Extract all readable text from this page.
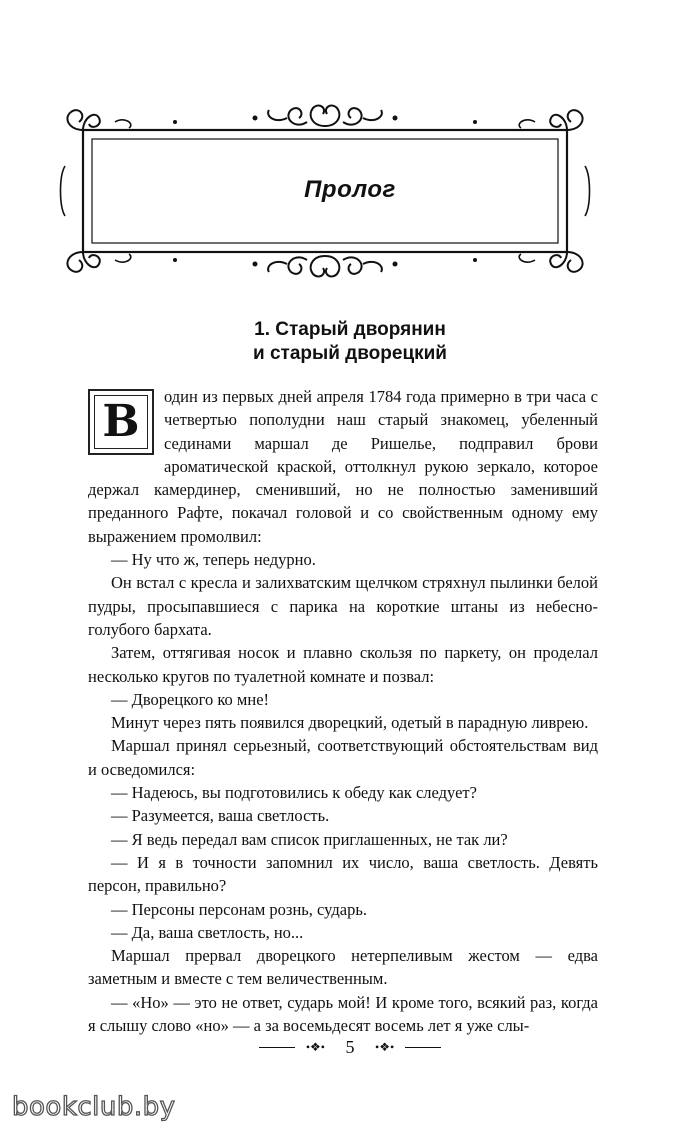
Пролог
1. Старый дворянин
и старый дворецкий

В	один из первых дней апреля 1784 года примерно в три часа с четвертью пополудни наш старый знакомец, убеленный сединами маршал де Ришелье, подправил брови ароматической краской, оттолкнул рукою зеркало, которое держал камердинер, сменивший, но не полностью заменивший преданного Рафте, покачал головой и со свойственным одному ему выражением промолвил:

— Ну что ж, теперь недурно.

Он встал с кресла и залихватским щелчком стряхнул пылинки белой пудры, просыпавшиеся с парика на короткие штаны из небесно-голубого бархата.

Затем, оттягивая носок и плавно скользя по паркету, он проделал несколько кругов по туалетной комнате и позвал:

— Дворецкого ко мне!

Минут через пять появился дворецкий, одетый в парадную ливрею.

Маршал принял серьезный, соответствующий обстоятельствам вид и осведомился:

— Надеюсь, вы подготовились к обеду как следует?

— Разумеется, ваша светлость.

— Я ведь передал вам список приглашенных, не так ли?

— И я в точности запомнил их число, ваша светлость. Девять персон, правильно?

— Персоны персонам рознь, сударь.

— Да, ваша светлость, но...

Маршал прервал дворецкого нетерпеливым жестом — едва заметным и вместе с тем величественным.

— «Но» — это не ответ, сударь мой! И кроме того, всякий раз, когда я слышу слово «но» — а за восемьдесят восемь лет я уже слы-

•❖• 5 •❖•
bookclub.by
